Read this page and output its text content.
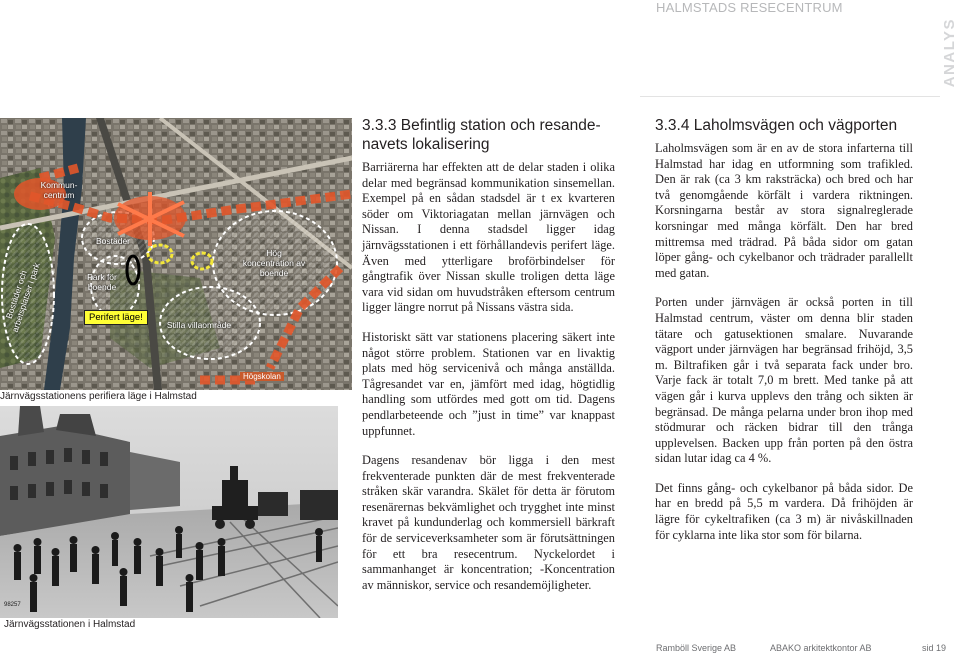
HALMSTADS RESECENTRUM
ANALYS
Kommun-
centrum
Bostäder
Bostäder och
arbetsplatser i park	Park för
boende
Perifert läge!
Stilla villaområde
Hög
koncentration av
boende
Högskolan
Järnvägsstationens perifiera läge i Halmstad
98257
Järnvägsstationen i Halmstad
3.3.3 Befintlig station och resande-
navets lokalisering

Barriärerna har effekten att de delar staden i olika delar med begränsad kommunikation sinsemellan. Exempel på en sådan stadsdel är t ex kvarteren söder om Viktoriagatan mellan järnvägen och Nissan. I denna stadsdel ligger idag järnvägsstationen i ett förhållandevis perifert läge. Även med ytterligare broförbindelser för gångtrafik över Nissan skulle troligen detta läge vara vid sidan om huvudstråken eftersom centrum ligger längre norrut på Nissans västra sida.

Historiskt sätt var stationens placering säkert inte något större problem. Stationen var en livaktig plats med hög servicenivå och många anställda. Tågresandet var en, jämfört med idag, högtidlig handling som utfördes med gott om tid. Dagens pendlarbeteende och ”just in time” var knappast uppfunnet.

Dagens resandenav bör ligga i den mest frekventerade punkten där de mest frekventerade stråken skär varandra. Skälet för detta är förutom resenärernas bekvämlighet och trygghet inte minst kravet på kundunderlag och kommersiell bärkraft för de serviceverksamheter som är förutsättningen för ett bra resecentrum. Nyckelordet i sammanhanget är koncentration; -Koncentration av människor, service och resandemöjligheter.

3.3.4 Laholmsvägen och vägporten

Laholmsvägen som är en av de stora infarterna till Halmstad har idag en utformning som trafikled. Den är rak (ca 3 km raksträcka) och bred och har två genomgående körfält i vardera riktningen. Korsningarna består av stora signalreglerade korsningar med många körfält. Den har bred mittremsa med trädrad. På båda sidor om gatan löper gång- och cykelbanor och trädrader parallellt med gatan.

Porten under järnvägen är också porten in till Halmstad centrum, väster om denna blir staden tätare och gatusektionen smalare. Nuvarande vägport under järnvägen har begränsad frihöjd, 3,5 m. Biltrafiken går i två separata fack under bro. Varje fack är totalt 7,0 m brett. Med tanke på att vägen går i kurva upplevs den trång och sikten är begränsad. De många pelarna under bron ihop med stödmurar och räcken bidrar till den trånga upplevelsen. Backen upp från porten på den östra sidan lutar idag ca 4 %.

Det finns gång- och cykelbanor på båda sidor. De har en bredd på 5,5 m vardera. Då frihöjden är lägre för cykeltrafiken (ca 3 m) är nivåskillnaden för cyklarna inte lika stor som för bilarna.

Ramböll Sverige AB	ABAKO arkitektkontor AB	sid 19
